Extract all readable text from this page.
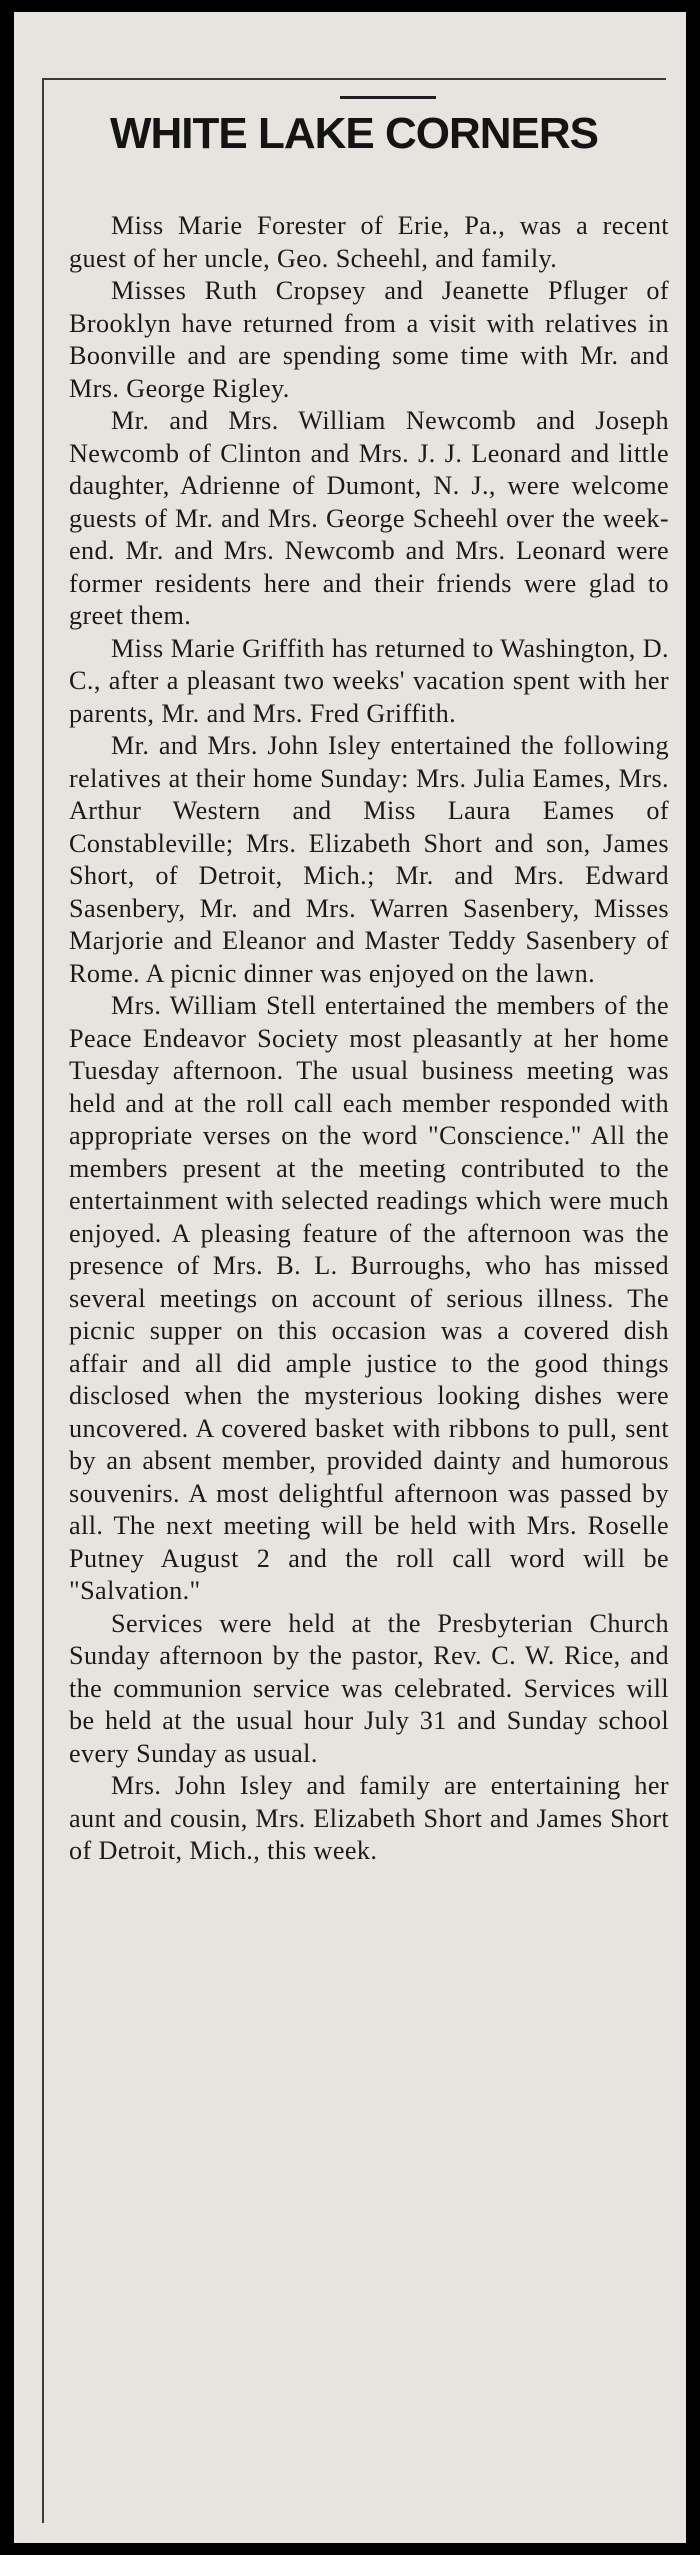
WHITE LAKE CORNERS

Miss Marie Forester of Erie, Pa., was a recent guest of her uncle, Geo. Scheehl, and family.

Misses Ruth Cropsey and Jeanette Pfluger of Brooklyn have returned from a visit with relatives in Boonville and are spending some time with Mr. and Mrs. George Rigley.

Mr. and Mrs. William Newcomb and Joseph Newcomb of Clinton and Mrs. J. J. Leonard and little daughter, Adrienne of Dumont, N. J., were welcome guests of Mr. and Mrs. George Scheehl over the week-end. Mr. and Mrs. Newcomb and Mrs. Leonard were former residents here and their friends were glad to greet them.

Miss Marie Griffith has returned to Washington, D. C., after a pleasant two weeks' vacation spent with her parents, Mr. and Mrs. Fred Griffith.

Mr. and Mrs. John Isley entertained the following relatives at their home Sunday: Mrs. Julia Eames, Mrs. Arthur Western and Miss Laura Eames of Constableville; Mrs. Elizabeth Short and son, James Short, of Detroit, Mich.; Mr. and Mrs. Edward Sasenbery, Mr. and Mrs. Warren Sasenbery, Misses Marjorie and Eleanor and Master Teddy Sasenbery of Rome. A picnic dinner was enjoyed on the lawn.

Mrs. William Stell entertained the members of the Peace Endeavor Society most pleasantly at her home Tuesday afternoon. The usual business meeting was held and at the roll call each member responded with appropriate verses on the word "Conscience." All the members present at the meeting contributed to the entertainment with selected readings which were much enjoyed. A pleasing feature of the afternoon was the presence of Mrs. B. L. Burroughs, who has missed several meetings on account of serious illness. The picnic supper on this occasion was a covered dish affair and all did ample justice to the good things disclosed when the mysterious looking dishes were uncovered. A covered basket with ribbons to pull, sent by an absent member, provided dainty and humorous souvenirs. A most delightful afternoon was passed by all. The next meeting will be held with Mrs. Roselle Putney August 2 and the roll call word will be "Salvation."

Services were held at the Presbyterian Church Sunday afternoon by the pastor, Rev. C. W. Rice, and the communion service was celebrated. Services will be held at the usual hour July 31 and Sunday school every Sunday as usual.

Mrs. John Isley and family are entertaining her aunt and cousin, Mrs. Elizabeth Short and James Short of Detroit, Mich., this week.
